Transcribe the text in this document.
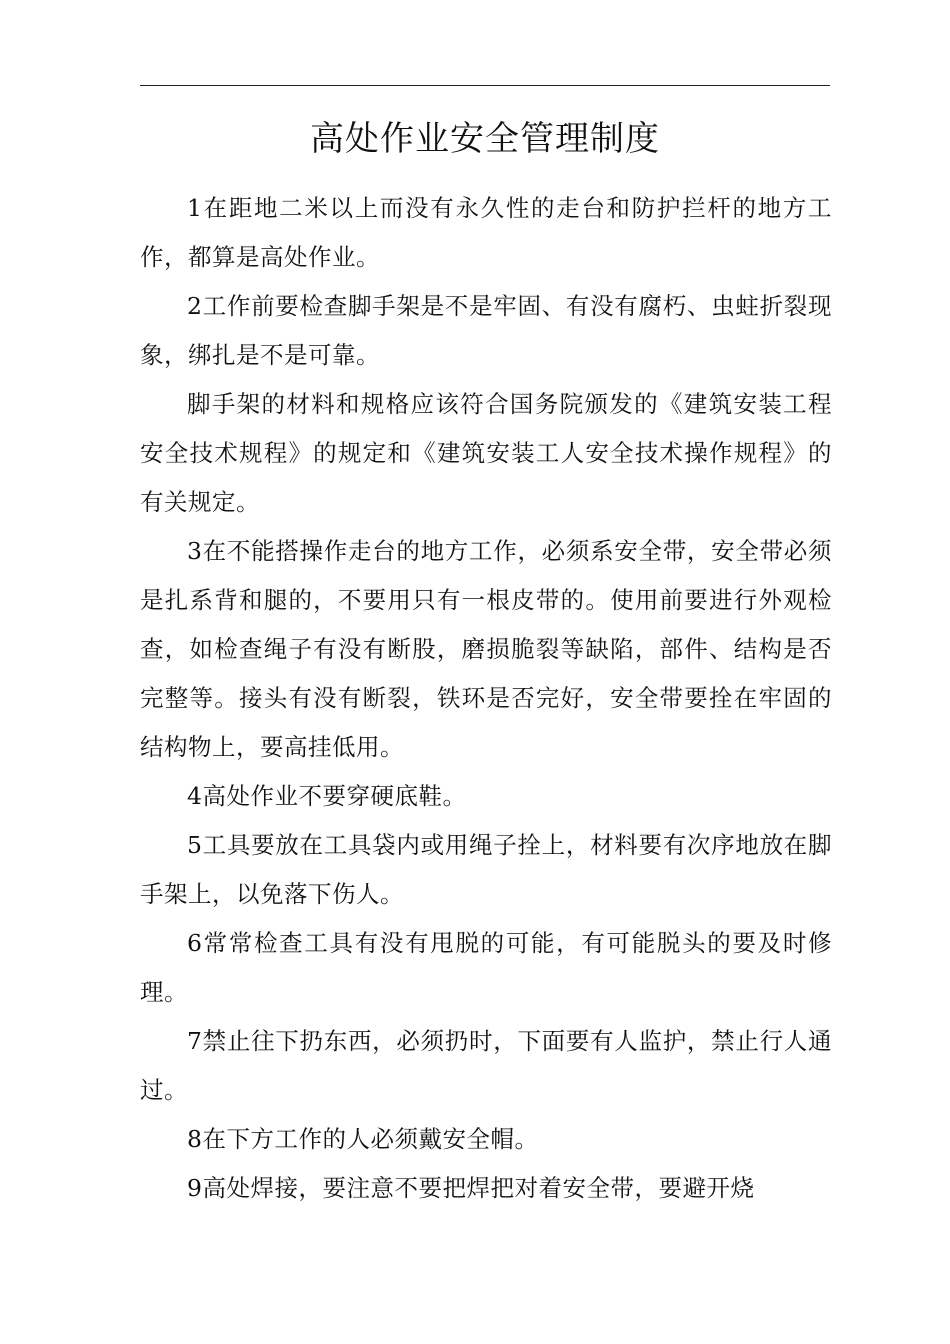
高处作业安全管理制度

1在距地二米以上而没有永久性的走台和防护拦杆的地方工作，都算是高处作业。

2工作前要检查脚手架是不是牢固、有没有腐朽、虫蛀折裂现象，绑扎是不是可靠。

脚手架的材料和规格应该符合国务院颁发的《建筑安装工程安全技术规程》的规定和《建筑安装工人安全技术操作规程》的有关规定。

3在不能搭操作走台的地方工作，必须系安全带，安全带必须是扎系背和腿的，不要用只有一根皮带的。使用前要进行外观检查，如检查绳子有没有断股，磨损脆裂等缺陷，部件、结构是否完整等。接头有没有断裂，铁环是否完好，安全带要拴在牢固的结构物上，要高挂低用。

4高处作业不要穿硬底鞋。

5工具要放在工具袋内或用绳子拴上，材料要有次序地放在脚手架上，以免落下伤人。

6常常检查工具有没有甩脱的可能，有可能脱头的要及时修理。

7禁止往下扔东西，必须扔时，下面要有人监护，禁止行人通过。

8在下方工作的人必须戴安全帽。

9高处焊接，要注意不要把焊把对着安全带，要避开烧
